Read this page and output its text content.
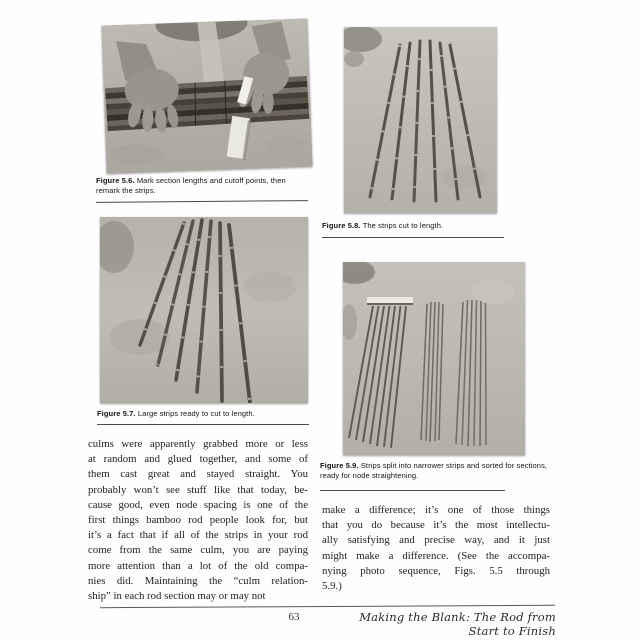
Figure 5.6. Mark section lengths and cutoff points, then remark the strips.
Figure 5.7. Large strips ready to cut to length.
Figure 5.8. The strips cut to length.
Figure 5.9. Strips split into narrower strips and sorted for sections, ready for node straightening.
culms were apparently grabbed more or less
at random and glued together, and some of
them cast great and stayed straight. You
probably won’t see stuff like that today, be-
cause good, even node spacing is one of the
first things bamboo rod people look for, but
it’s a fact that if all of the strips in your rod
come from the same culm, you are paying
more attention than a lot of the old compa-
nies did. Maintaining the “culm relation-
ship” in each rod section may or may not
make a difference; it’s one of those things
that you do because it’s the most intellectu-
ally satisfying and precise way, and it just
might make a difference. (See the accompa-
nying photo sequence, Figs. 5.5 through
5.9.)
63	Making the Blank: The Rod from Start to Finish
